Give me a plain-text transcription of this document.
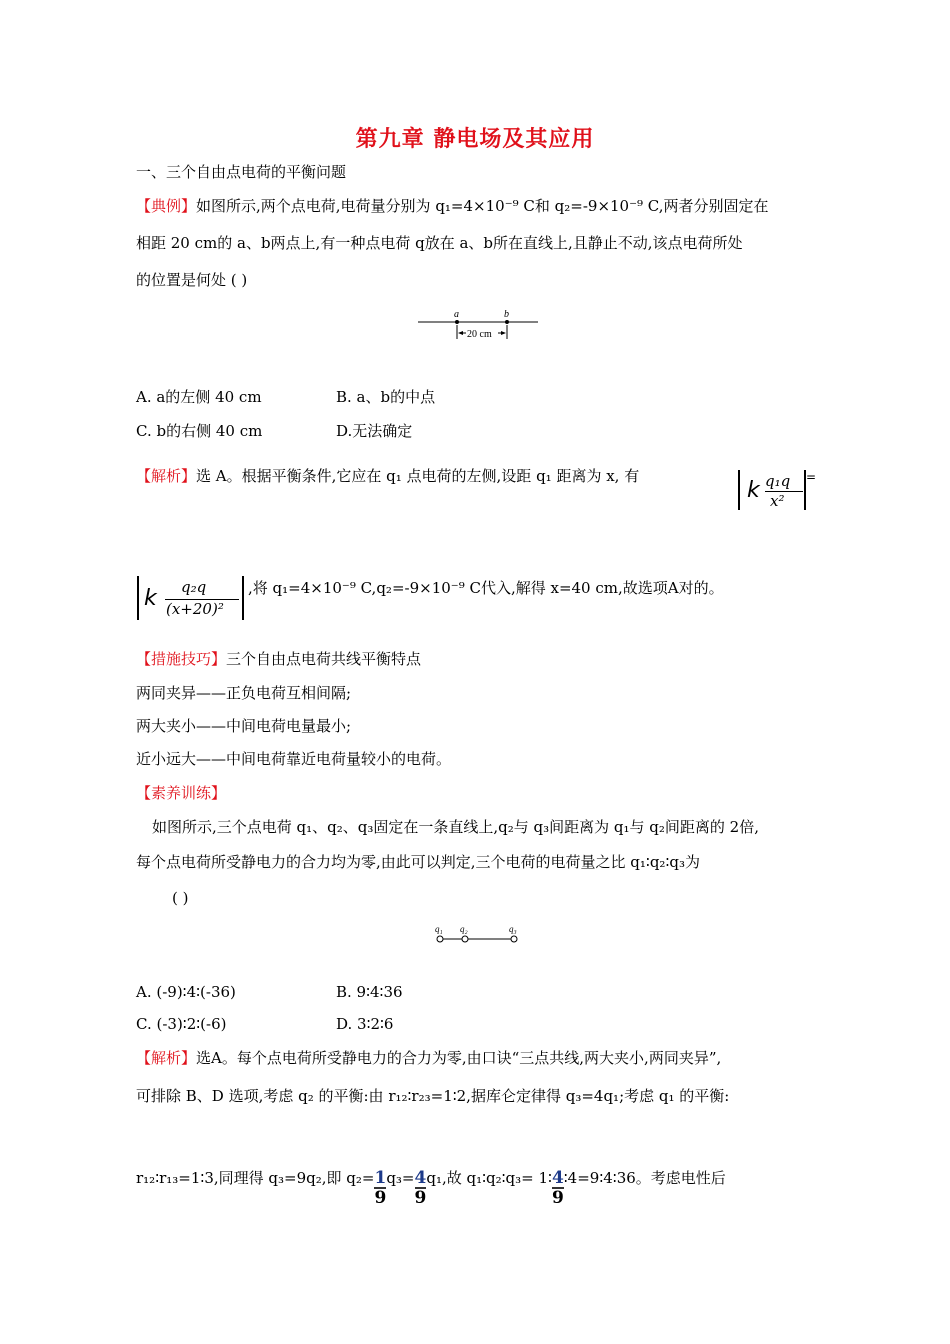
第九章 静电场及其应用
一、三个自由点电荷的平衡问题
【典例】如图所示,两个点电荷,电荷量分别为 q₁=4×10⁻⁹ C和 q₂=-9×10⁻⁹ C,两者分别固定在
相距 20 cm的 a、b两点上,有一种点电荷 q放在 a、b所在直线上,且静止不动,该点电荷所处
的位置是何处 ( )
a	b
20 cm
A. a的左侧 40 cm	B. a、b的中点
C. b的右侧 40 cm	D.无法确定
【解析】选 A。根据平衡条件,它应在 q₁ 点电荷的左侧,设距 q₁ 距离为 x, 有
k q₁q
x²
=
k q₂q
(x+20)²
,将 q₁=4×10⁻⁹ C,q₂=-9×10⁻⁹ C代入,解得 x=40 cm,故选项A对的。
【措施技巧】三个自由点电荷共线平衡特点
两同夹异——正负电荷互相间隔;
两大夹小——中间电荷电量最小;
近小远大——中间电荷靠近电荷量较小的电荷。
【素养训练】
如图所示,三个点电荷 q₁、q₂、q₃固定在一条直线上,q₂与 q₃间距离为 q₁与 q₂间距离的 2倍,
每个点电荷所受静电力的合力均为零,由此可以判定,三个电荷的电荷量之比 q₁∶q₂∶q₃为
( )
q₁ q₂	q₃
A. (-9)∶4∶(-36)	B. 9∶4∶36
C. (-3)∶2∶(-6)	D. 3∶2∶6
【解析】选A。每个点电荷所受静电力的合力为零,由口诀“三点共线,两大夹小,两同夹异”,
可排除 B、D 选项,考虑 q₂ 的平衡:由 r₁₂∶r₂₃=1∶2,据库仑定律得 q₃=4q₁;考虑 q₁ 的平衡:
r₁₂∶r₁₃=1∶3,同理得 q₃=9q₂,即 $q_2= \frac{1}{9} q_3= \frac{4}{9} q_1$,故 q₁∶q₂∶q₃= 1∶ $\frac{4}{9}$ ∶4=9∶4∶36。考虑电性后
